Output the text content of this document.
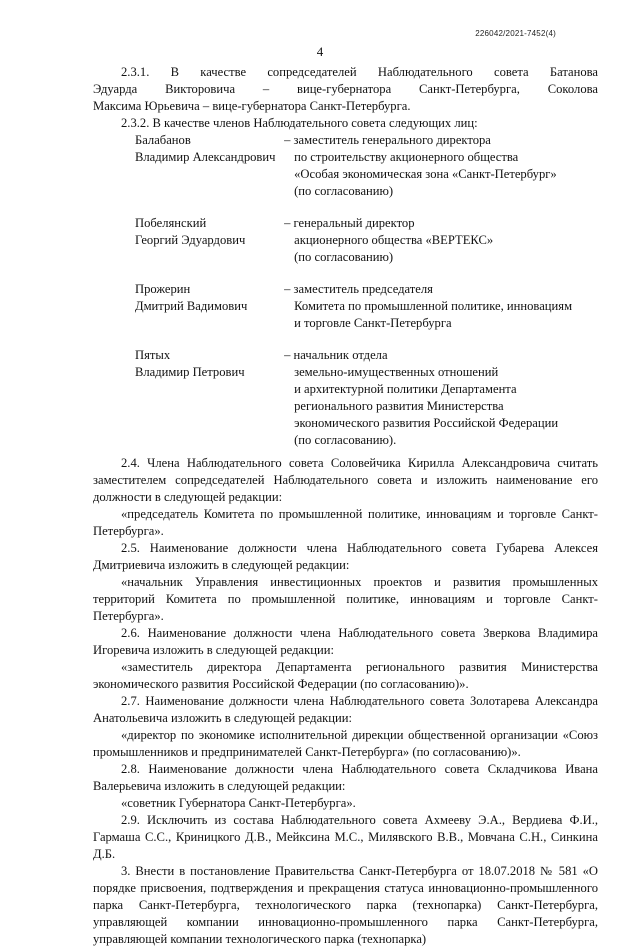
226042/2021-7452(4)
4

2.3.1. В качестве сопредседателей Наблюдательного совета Батанова

Эдуарда Викторовича – вице-губернатора Санкт-Петербурга, Соколова

Максима Юрьевича – вице-губернатора Санкт-Петербурга.

2.3.2. В качестве членов Наблюдательного совета следующих лиц:

Балабанов
Владимир Александрович
– заместитель генерального директора
по строительству акционерного общества
«Особая экономическая зона «Санкт-Петербург»
(по согласованию)
Побелянский
Георгий Эдуардович
– генеральный директор
акционерного общества «ВЕРТЕКС»
(по согласованию)
Прожерин
Дмитрий Вадимович
– заместитель председателя
Комитета по промышленной политике, инновациям
и торговле Санкт-Петербурга
Пятых
Владимир Петрович
– начальник отдела
земельно-имущественных отношений
и архитектурной политики Департамента
регионального развития Министерства
экономического развития Российской Федерации
(по согласованию).

2.4. Члена Наблюдательного совета Соловейчика Кирилла Александровича считать заместителем сопредседателей Наблюдательного совета и изложить наименование его должности в следующей редакции:

«председатель Комитета по промышленной политике, инновациям и торговле Санкт-Петербурга».

2.5. Наименование должности члена Наблюдательного совета Губарева Алексея Дмитриевича изложить в следующей редакции:

«начальник Управления инвестиционных проектов и развития промышленных территорий Комитета по промышленной политике, инновациям и торговле Санкт-Петербурга».

2.6. Наименование должности члена Наблюдательного совета Зверкова Владимира Игоревича изложить в следующей редакции:

«заместитель директора Департамента регионального развития Министерства экономического развития Российской Федерации (по согласованию)».

2.7. Наименование должности члена Наблюдательного совета Золотарева Александра Анатольевича изложить в следующей редакции:

«директор по экономике исполнительной дирекции общественной организации «Союз промышленников и предпринимателей Санкт-Петербурга» (по согласованию)».

2.8. Наименование должности члена Наблюдательного совета Складчикова Ивана Валерьевича изложить в следующей редакции:

«советник Губернатора Санкт-Петербурга».

2.9. Исключить из состава Наблюдательного совета Ахмееву Э.А., Вердиева Ф.И., Гармаша С.С., Криницкого Д.В., Мейксина М.С., Милявского В.В., Мовчана С.Н., Синкина Д.Б.

3. Внести в постановление Правительства Санкт-Петербурга от 18.07.2018 № 581 «О порядке присвоения, подтверждения и прекращения статуса инновационно-промышленного парка Санкт-Петербурга, технологического парка (технопарка) Санкт-Петербурга, управляющей компании инновационно-промышленного парка Санкт-Петербурга, управляющей компании технологического парка (технопарка)
